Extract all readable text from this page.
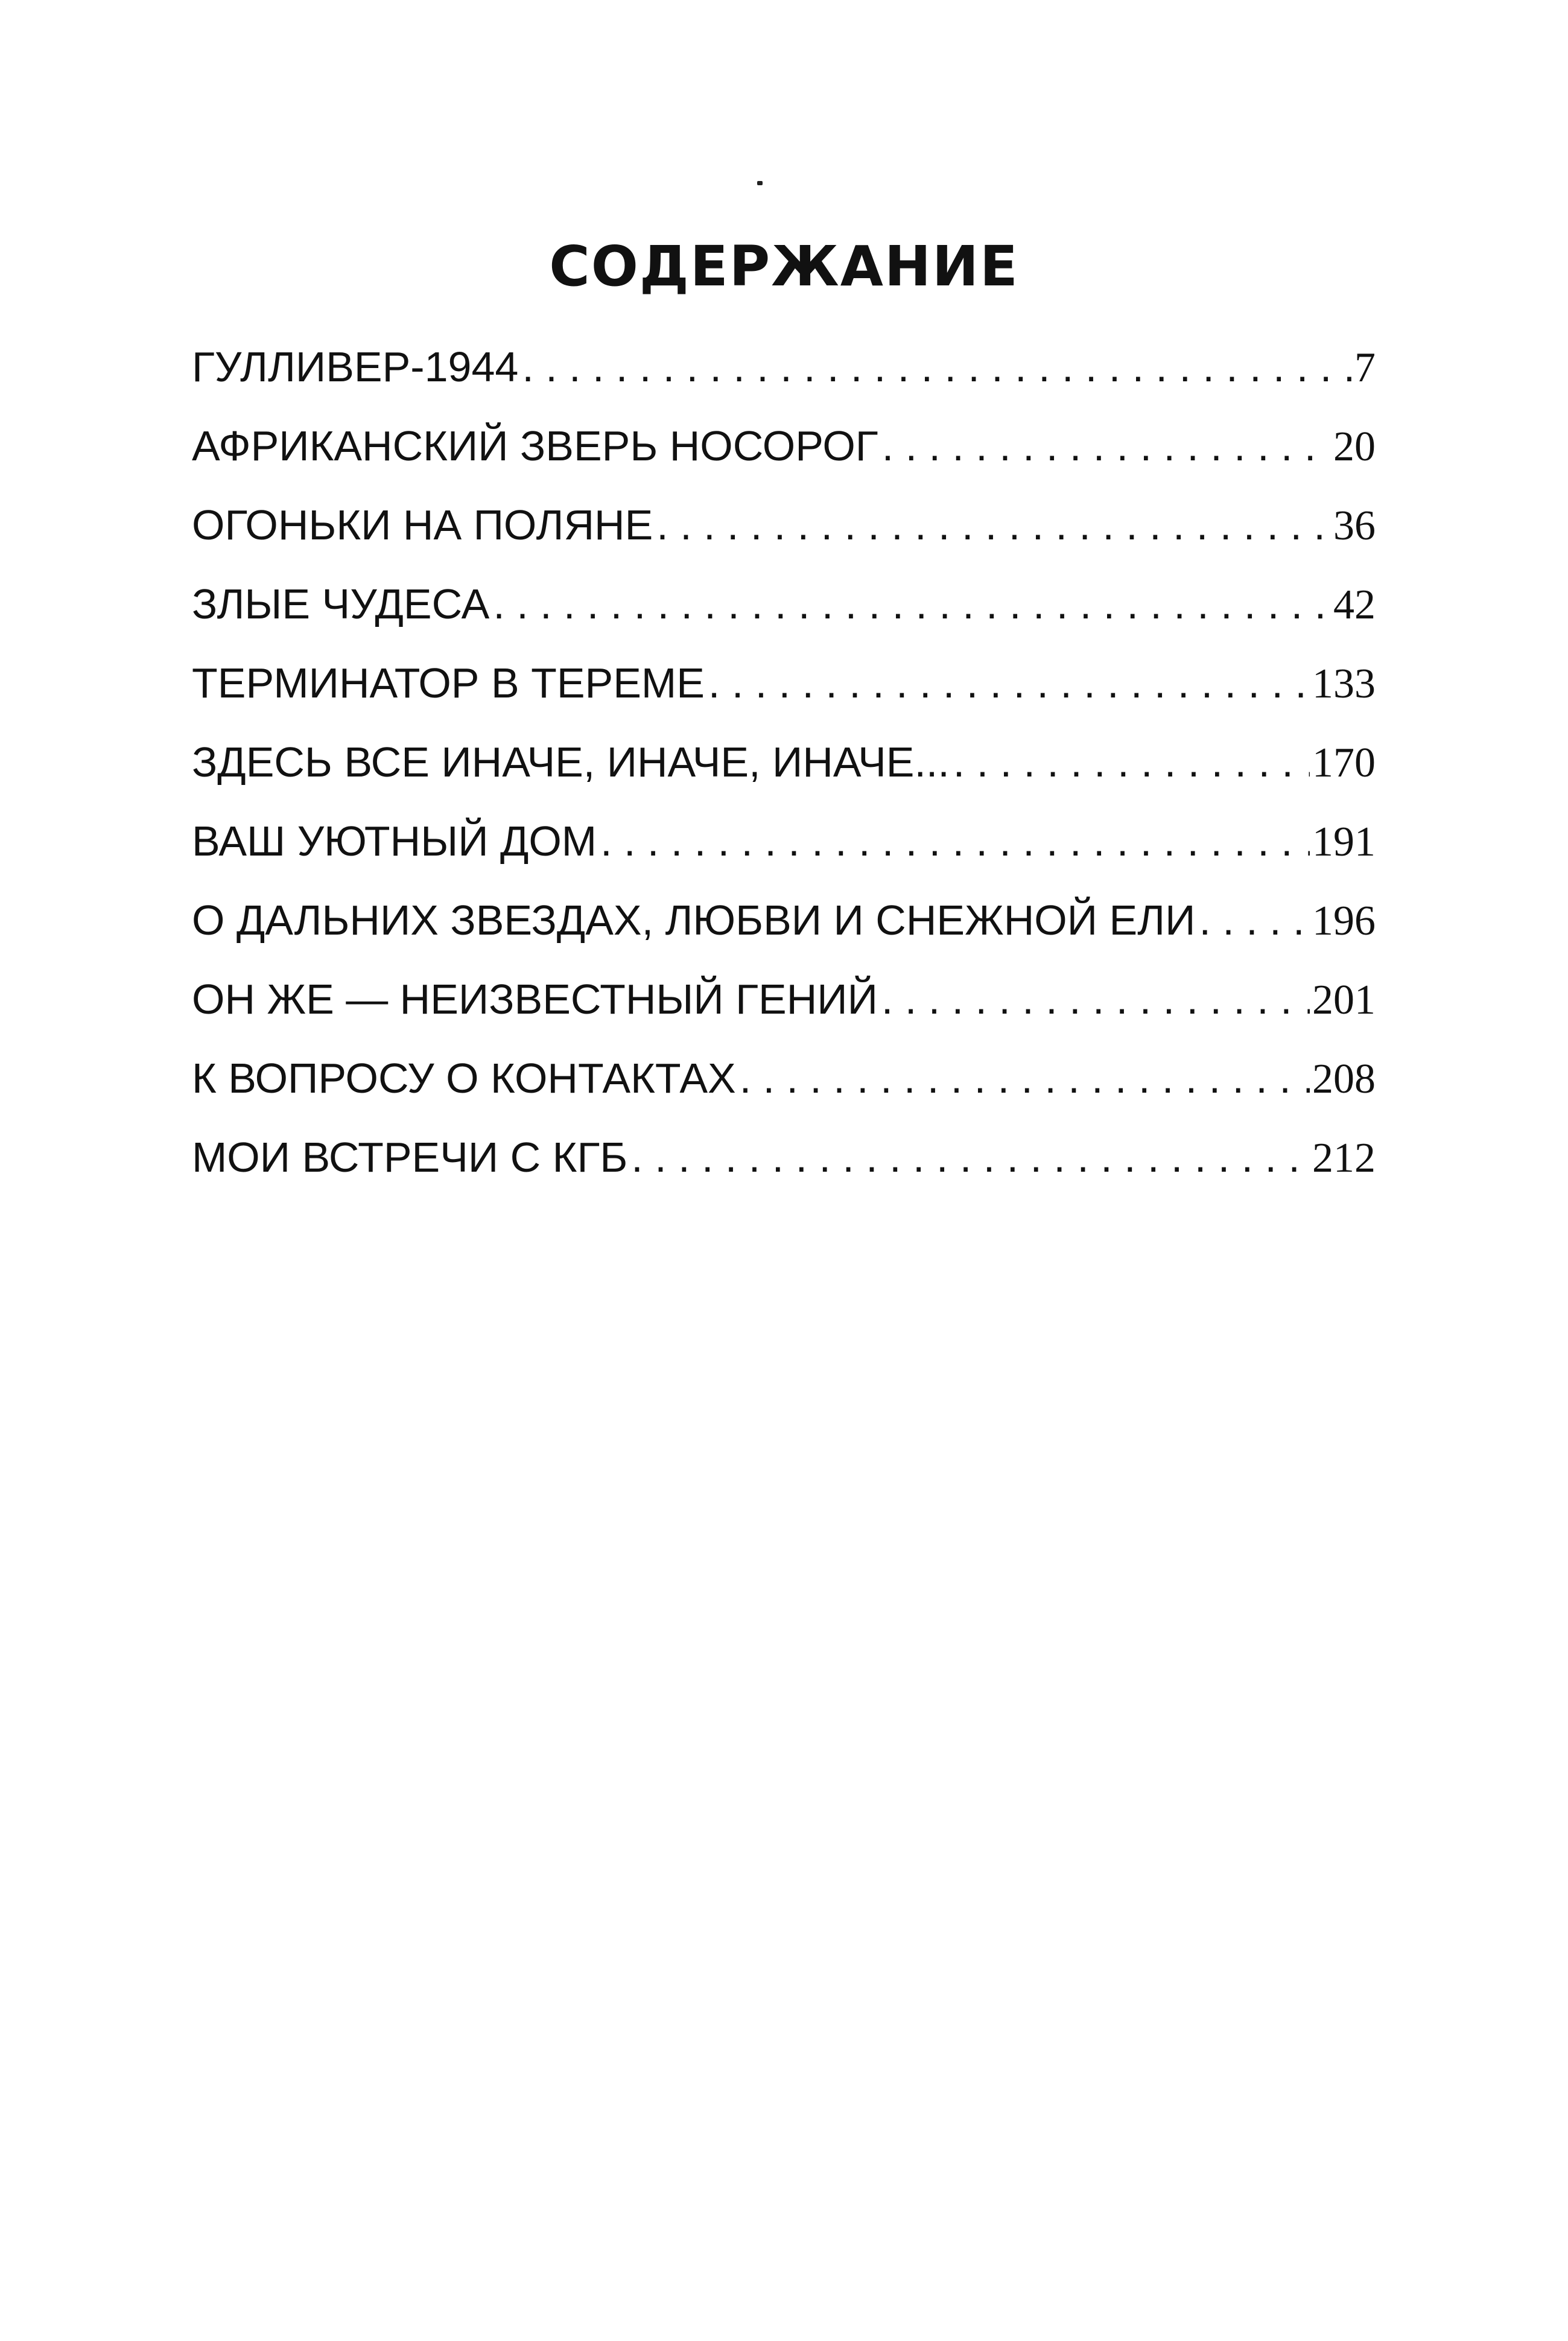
СОДЕРЖАНИЕ
ГУЛЛИВЕР-1944 . . .	7
АФРИКАНСКИЙ ЗВЕРЬ НОСОРОГ . . .	20
ОГОНЬКИ НА ПОЛЯНЕ . . .	36
ЗЛЫЕ ЧУДЕСА . . .	42
ТЕРМИНАТОР В ТЕРЕМЕ . . .	133
ЗДЕСЬ ВСЕ ИНАЧЕ, ИНАЧЕ, ИНАЧЕ... . . .	170
ВАШ УЮТНЫЙ ДОМ . . .	191
О ДАЛЬНИХ ЗВЕЗДАХ, ЛЮБВИ И СНЕЖНОЙ ЕЛИ . . .	196
ОН ЖЕ — НЕИЗВЕСТНЫЙ ГЕНИЙ . . .	201
К ВОПРОСУ О КОНТАКТАХ . . .	208
МОИ ВСТРЕЧИ С КГБ . . .	212
